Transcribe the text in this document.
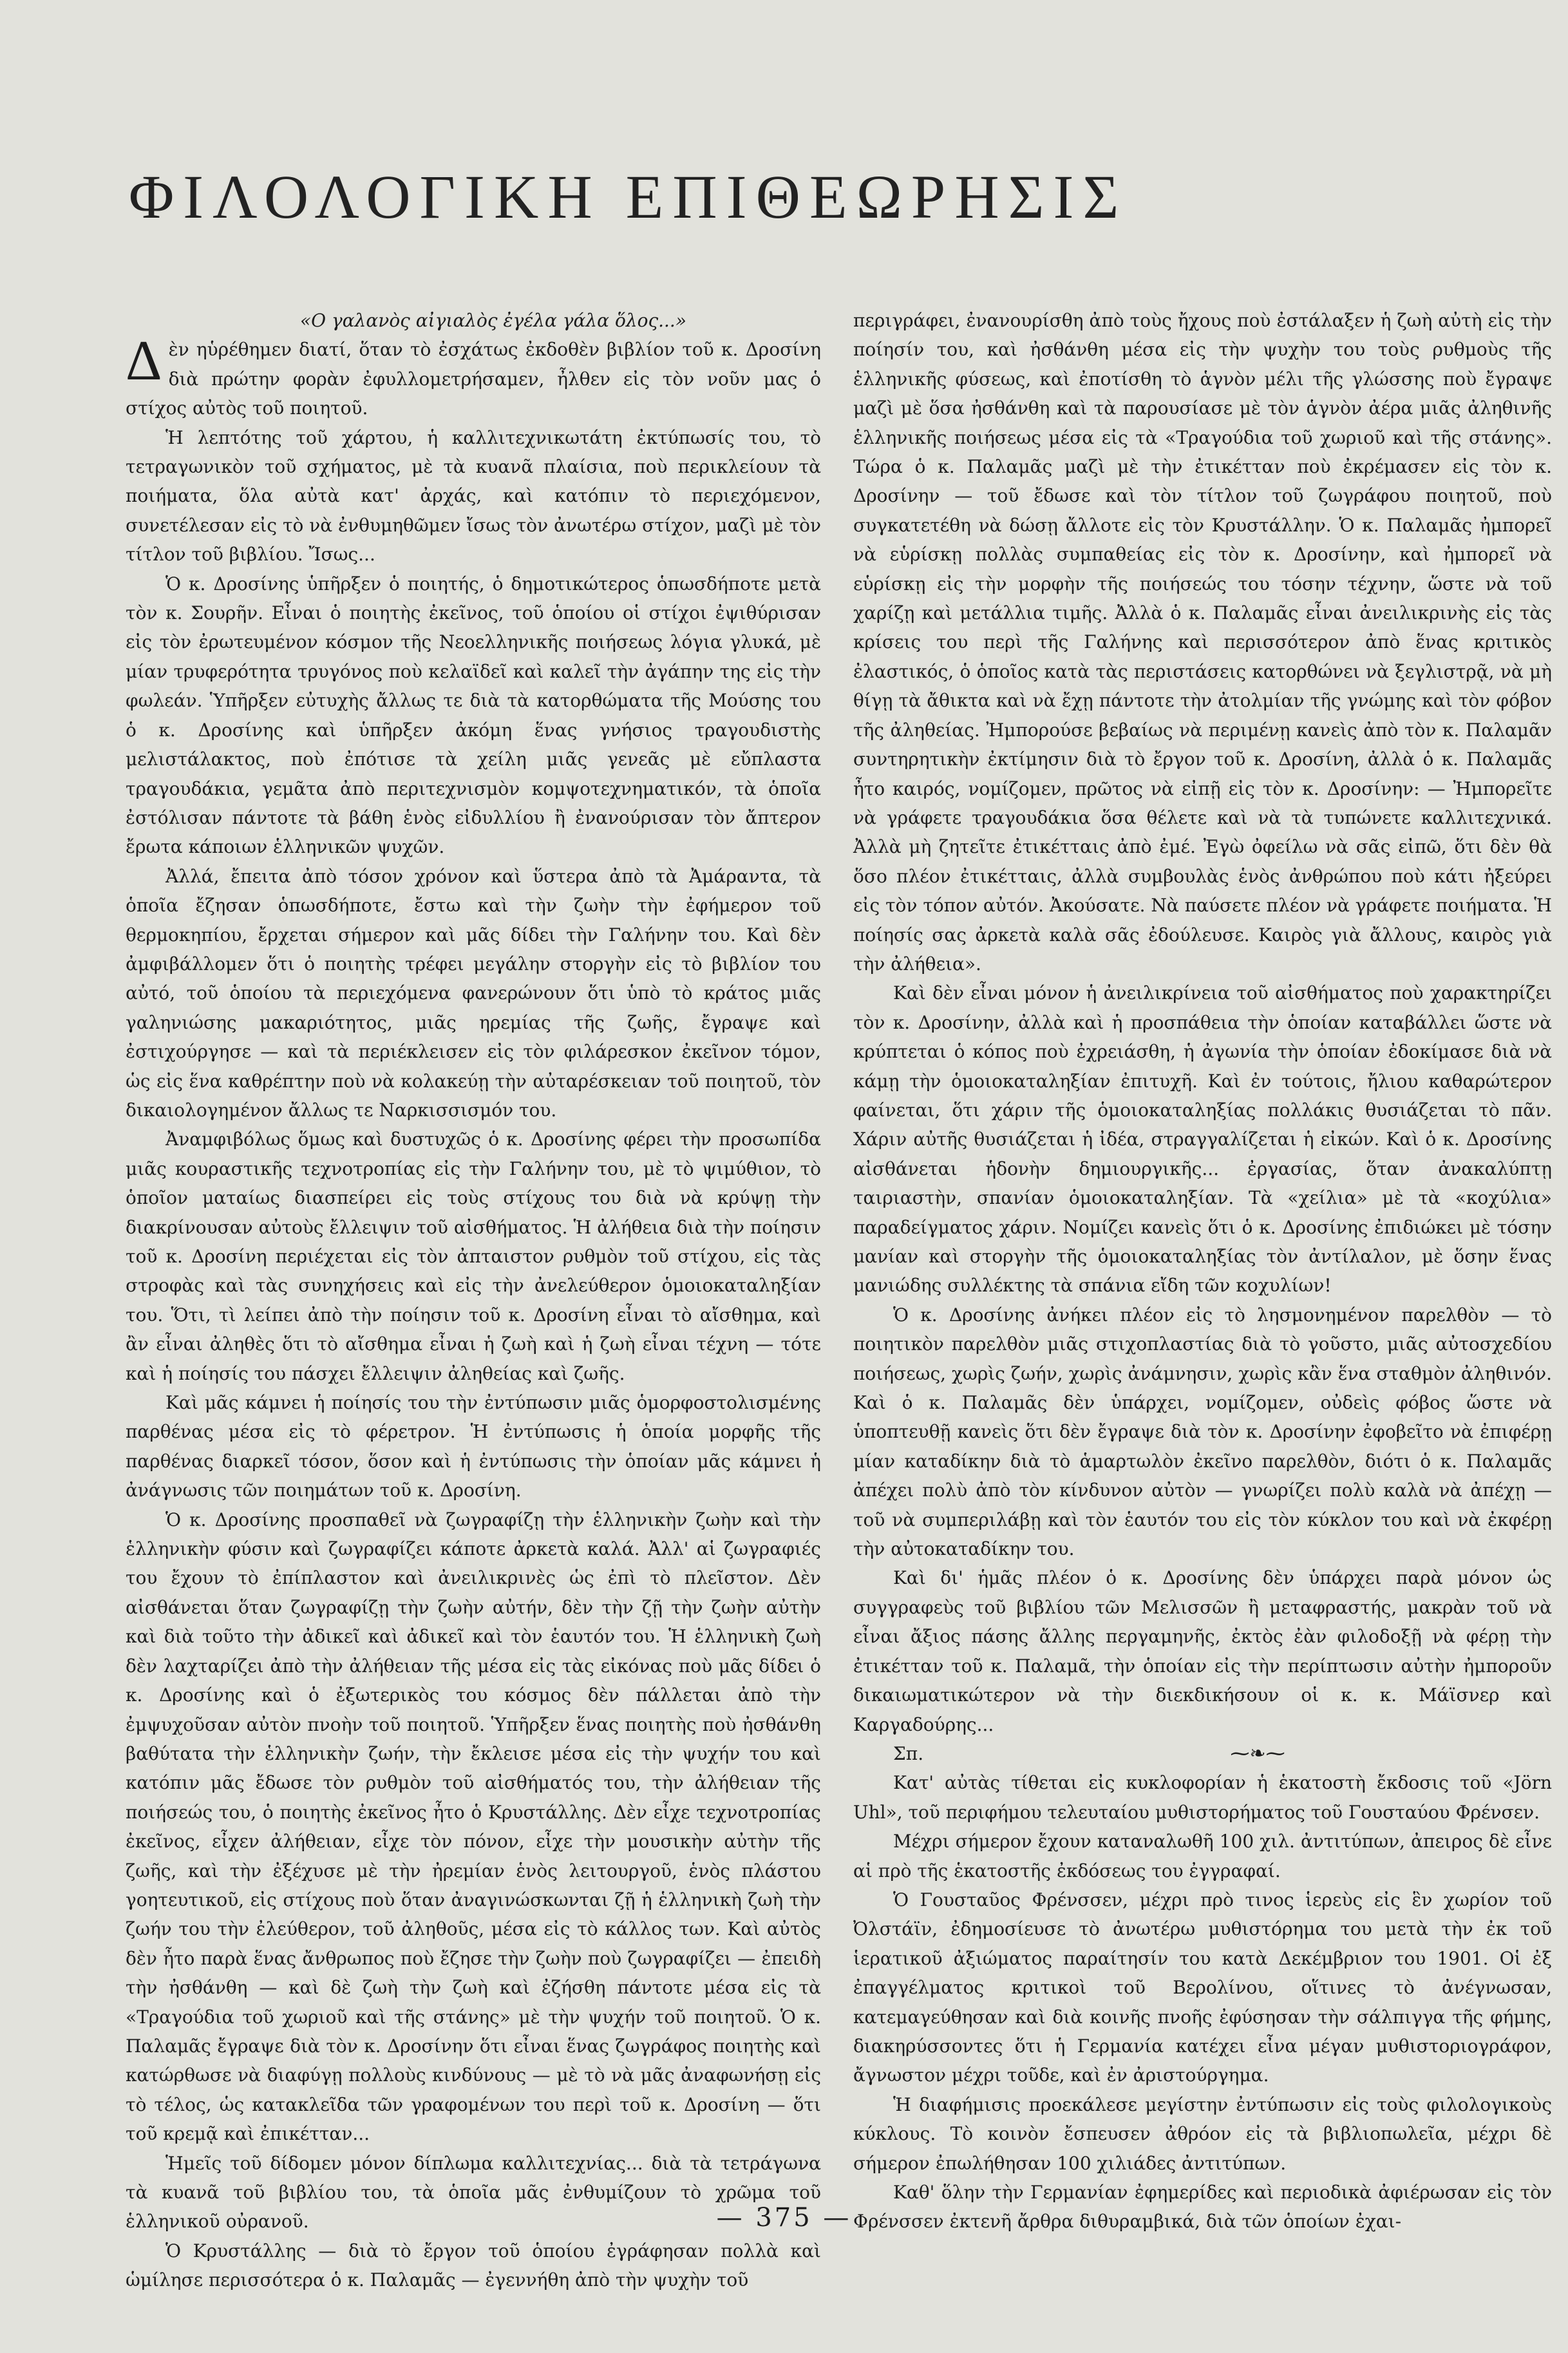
ΦΙΛΟΛΟΓΙΚΗ ΕΠΙΘΕΩΡΗΣΙΣ

«Ο γαλανὸς αἰγιαλὸς ἐγέλα γάλα ὅλος...»

Δὲν ηὑρέθημεν διατί, ὅταν τὸ ἐσχάτως ἐκδοθὲν βιβλίον τοῦ κ. Δροσίνη διὰ πρώτην φορὰν ἐφυλλομετρήσαμεν, ἦλθεν εἰς τὸν νοῦν μας ὁ στίχος αὐτὸς τοῦ ποιητοῦ.

Ἡ λεπτότης τοῦ χάρτου, ἡ καλλιτεχνικωτάτη ἐκτύπωσίς του, τὸ τετραγωνικὸν τοῦ σχήματος, μὲ τὰ κυανᾶ πλαίσια, ποὺ περικλείουν τὰ ποιήματα, ὅλα αὐτὰ κατ' ἀρχάς, καὶ κατόπιν τὸ περιεχόμενον, συνετέλεσαν εἰς τὸ νὰ ἐνθυμηθῶμεν ἴσως τὸν ἀνωτέρω στίχον, μαζὶ μὲ τὸν τίτλον τοῦ βιβλίου. Ἴσως...

Ὁ κ. Δροσίνης ὑπῆρξεν ὁ ποιητής, ὁ δημοτικώτερος ὁπωσδήποτε μετὰ τὸν κ. Σουρῆν. Εἶναι ὁ ποιητὴς ἐκεῖνος, τοῦ ὁποίου οἱ στίχοι ἐψιθύρισαν εἰς τὸν ἐρωτευμένον κόσμον τῆς Νεοελληνικῆς ποιήσεως λόγια γλυκά, μὲ μίαν τρυφερότητα τρυγόνος ποὺ κελαϊδεῖ καὶ καλεῖ τὴν ἀγάπην της εἰς τὴν φωλεάν. Ὑπῆρξεν εὐτυχὴς ἄλλως τε διὰ τὰ κατορθώματα τῆς Μούσης του ὁ κ. Δροσίνης καὶ ὑπῆρξεν ἀκόμη ἕνας γνήσιος τραγουδιστὴς μελιστάλακτος, ποὺ ἐπότισε τὰ χείλη μιᾶς γενεᾶς μὲ εὔπλαστα τραγουδάκια, γεμᾶτα ἀπὸ περιτεχνισμὸν κομψοτεχνηματικόν, τὰ ὁποῖα ἐστόλισαν πάντοτε τὰ βάθη ἑνὸς εἰδυλλίου ἢ ἐνανούρισαν τὸν ἄπτερον ἔρωτα κάποιων ἑλληνικῶν ψυχῶν.

Ἀλλά, ἔπειτα ἀπὸ τόσον χρόνον καὶ ὕστερα ἀπὸ τὰ Ἀμάραντα, τὰ ὁποῖα ἔζησαν ὁπωσδήποτε, ἔστω καὶ τὴν ζωὴν τὴν ἐφήμερον τοῦ θερμοκηπίου, ἔρχεται σήμερον καὶ μᾶς δίδει τὴν Γαλήνην του. Καὶ δὲν ἀμφιβάλλομεν ὅτι ὁ ποιητὴς τρέφει μεγάλην στοργὴν εἰς τὸ βιβλίον του αὐτό, τοῦ ὁποίου τὰ περιεχόμενα φανερώνουν ὅτι ὑπὸ τὸ κράτος μιᾶς γαληνιώσης μακαριότητος, μιᾶς ηρεμίας τῆς ζωῆς, ἔγραψε καὶ ἐστιχούργησε — καὶ τὰ περιέκλεισεν εἰς τὸν φιλάρεσκον ἐκεῖνον τόμον, ὡς εἰς ἕνα καθρέπτην ποὺ νὰ κολακεύῃ τὴν αὐταρέσκειαν τοῦ ποιητοῦ, τὸν δικαιολογημένον ἄλλως τε Ναρκισσισμόν του.

Ἀναμφιβόλως ὅμως καὶ δυστυχῶς ὁ κ. Δροσίνης φέρει τὴν προσωπίδα μιᾶς κουραστικῆς τεχνοτροπίας εἰς τὴν Γαλήνην του, μὲ τὸ ψιμύθιον, τὸ ὁποῖον ματαίως διασπείρει εἰς τοὺς στίχους του διὰ νὰ κρύψῃ τὴν διακρίνουσαν αὐτοὺς ἔλλειψιν τοῦ αἰσθήματος. Ἡ ἀλήθεια διὰ τὴν ποίησιν τοῦ κ. Δροσίνη περιέχεται εἰς τὸν ἀπταιστον ρυθμὸν τοῦ στίχου, εἰς τὰς στροφὰς καὶ τὰς συνηχήσεις καὶ εἰς τὴν ἀνελεύθερον ὁμοιοκαταληξίαν του. Ὅτι, τὶ λείπει ἀπὸ τὴν ποίησιν τοῦ κ. Δροσίνη εἶναι τὸ αἴσθημα, καὶ ἂν εἶναι ἀληθὲς ὅτι τὸ αἴσθημα εἶναι ἡ ζωὴ καὶ ἡ ζωὴ εἶναι τέχνη — τότε καὶ ἡ ποίησίς του πάσχει ἔλλειψιν ἀληθείας καὶ ζωῆς.

Καὶ μᾶς κάμνει ἡ ποίησίς του τὴν ἐντύπωσιν μιᾶς ὁμορφοστολισμένης παρθένας μέσα εἰς τὸ φέρετρον. Ἡ ἐντύπωσις ἡ ὁποία μορφῆς τῆς παρθένας διαρκεῖ τόσον, ὅσον καὶ ἡ ἐντύπωσις τὴν ὁποίαν μᾶς κάμνει ἡ ἀνάγνωσις τῶν ποιημάτων τοῦ κ. Δροσίνη.

Ὁ κ. Δροσίνης προσπαθεῖ νὰ ζωγραφίζῃ τὴν ἑλληνικὴν ζωὴν καὶ τὴν ἑλληνικὴν φύσιν καὶ ζωγραφίζει κάποτε ἀρκετὰ καλά. Ἀλλ' αἱ ζωγραφιές του ἔχουν τὸ ἐπίπλαστον καὶ ἀνειλικρινὲς ὡς ἐπὶ τὸ πλεῖστον. Δὲν αἰσθάνεται ὅταν ζωγραφίζῃ τὴν ζωὴν αὐτήν, δὲν τὴν ζῇ τὴν ζωὴν αὐτὴν καὶ διὰ τοῦτο τὴν ἀδικεῖ καὶ ἀδικεῖ καὶ τὸν ἑαυτόν του. Ἡ ἑλληνικὴ ζωὴ δὲν λαχταρίζει ἀπὸ τὴν ἀλήθειαν τῆς μέσα εἰς τὰς εἰκόνας ποὺ μᾶς δίδει ὁ κ. Δροσίνης καὶ ὁ ἐξωτερικὸς του κόσμος δὲν πάλλεται ἀπὸ τὴν ἐμψυχοῦσαν αὐτὸν πνοὴν τοῦ ποιητοῦ. Ὑπῆρξεν ἕνας ποιητὴς ποὺ ἠσθάνθη βαθύτατα τὴν ἑλληνικὴν ζωήν, τὴν ἔκλεισε μέσα εἰς τὴν ψυχήν του καὶ κατόπιν μᾶς ἔδωσε τὸν ρυθμὸν τοῦ αἰσθήματός του, τὴν ἀλήθειαν τῆς ποιήσεώς του, ὁ ποιητὴς ἐκεῖνος ἦτο ὁ Κρυστάλλης. Δὲν εἶχε τεχνοτροπίας ἐκεῖνος, εἶχεν ἀλήθειαν, εἶχε τὸν πόνον, εἶχε τὴν μουσικὴν αὐτὴν τῆς ζωῆς, καὶ τὴν ἐξέχυσε μὲ τὴν ἠρεμίαν ἑνὸς λειτουργοῦ, ἑνὸς πλάστου γοητευτικοῦ, εἰς στίχους ποὺ ὅταν ἀναγινώσκωνται ζῇ ἡ ἑλληνικὴ ζωὴ τὴν ζωήν του τὴν ἐλεύθερον, τοῦ ἀληθοῦς, μέσα εἰς τὸ κάλλος των. Καὶ αὐτὸς δὲν ἦτο παρὰ ἕνας ἄνθρωπος ποὺ ἔζησε τὴν ζωὴν ποὺ ζωγραφίζει — ἐπειδὴ τὴν ἠσθάνθη — καὶ δὲ ζωὴ τὴν ζωὴ καὶ ἐζήσθη πάντοτε μέσα εἰς τὰ «Τραγούδια τοῦ χωριοῦ καὶ τῆς στάνης» μὲ τὴν ψυχήν τοῦ ποιητοῦ. Ὁ κ. Παλαμᾶς ἔγραψε διὰ τὸν κ. Δροσίνην ὅτι εἶναι ἕνας ζωγράφος ποιητὴς καὶ κατώρθωσε νὰ διαφύγῃ πολλοὺς κινδύνους — μὲ τὸ νὰ μᾶς ἀναφωνήσῃ εἰς τὸ τέλος, ὡς κατακλεῖδα τῶν γραφομένων του περὶ τοῦ κ. Δροσίνη — ὅτι τοῦ κρεμᾷ καὶ ἐπικέτταν...

Ἡμεῖς τοῦ δίδομεν μόνον δίπλωμα καλλιτεχνίας... διὰ τὰ τετράγωνα τὰ κυανᾶ τοῦ βιβλίου του, τὰ ὁποῖα μᾶς ἐνθυμίζουν τὸ χρῶμα τοῦ ἑλληνικοῦ οὐρανοῦ.

Ὁ Κρυστάλλης — διὰ τὸ ἔργον τοῦ ὁποίου ἐγράφησαν πολλὰ καὶ ὡμίλησε περισσότερα ὁ κ. Παλαμᾶς — ἐγεννήθη ἀπὸ τὴν ψυχὴν τοῦ

περιγράφει, ἐνανουρίσθη ἀπὸ τοὺς ἤχους ποὺ ἐστάλαξεν ἡ ζωὴ αὐτὴ εἰς τὴν ποίησίν του, καὶ ἠσθάνθη μέσα εἰς τὴν ψυχὴν του τοὺς ρυθμοὺς τῆς ἑλληνικῆς φύσεως, καὶ ἐποτίσθη τὸ ἁγνὸν μέλι τῆς γλώσσης ποὺ ἔγραψε μαζὶ μὲ ὅσα ἠσθάνθη καὶ τὰ παρουσίασε μὲ τὸν ἁγνὸν ἀέρα μιᾶς ἀληθινῆς ἑλληνικῆς ποιήσεως μέσα εἰς τὰ «Τραγούδια τοῦ χωριοῦ καὶ τῆς στάνης». Τώρα ὁ κ. Παλαμᾶς μαζὶ μὲ τὴν ἐτικέτταν ποὺ ἐκρέμασεν εἰς τὸν κ. Δροσίνην — τοῦ ἔδωσε καὶ τὸν τίτλον τοῦ ζωγράφου ποιητοῦ, ποὺ συγκατετέθη νὰ δώσῃ ἄλλοτε εἰς τὸν Κρυστάλλην. Ὁ κ. Παλαμᾶς ἠμπορεῖ νὰ εὑρίσκῃ πολλὰς συμπαθείας εἰς τὸν κ. Δροσίνην, καὶ ἠμπορεῖ νὰ εὑρίσκῃ εἰς τὴν μορφὴν τῆς ποιήσεώς του τόσην τέχνην, ὥστε νὰ τοῦ χαρίζῃ καὶ μετάλλια τιμῆς. Ἀλλὰ ὁ κ. Παλαμᾶς εἶναι ἀνειλικρινὴς εἰς τὰς κρίσεις του περὶ τῆς Γαλήνης καὶ περισσότερον ἀπὸ ἕνας κριτικὸς ἐλαστικός, ὁ ὁποῖος κατὰ τὰς περιστάσεις κατορθώνει νὰ ξεγλιστρᾷ, νὰ μὴ θίγῃ τὰ ἄθικτα καὶ νὰ ἔχῃ πάντοτε τὴν ἀτολμίαν τῆς γνώμης καὶ τὸν φόβον τῆς ἀληθείας. Ἠμπορούσε βεβαίως νὰ περιμένῃ κανεὶς ἀπὸ τὸν κ. Παλαμᾶν συντηρητικὴν ἐκτίμησιν διὰ τὸ ἔργον τοῦ κ. Δροσίνη, ἀλλὰ ὁ κ. Παλαμᾶς ἦτο καιρός, νομίζομεν, πρῶτος νὰ εἰπῇ εἰς τὸν κ. Δροσίνην: — Ἠμπορεῖτε νὰ γράφετε τραγουδάκια ὅσα θέλετε καὶ νὰ τὰ τυπώνετε καλλιτεχνικά. Ἀλλὰ μὴ ζητεῖτε ἐτικέτταις ἀπὸ ἐμέ. Ἐγὼ ὀφείλω νὰ σᾶς εἰπῶ, ὅτι δὲν θὰ ὅσο πλέον ἐτικέτταις, ἀλλὰ συμβουλὰς ἑνὸς ἀνθρώπου ποὺ κάτι ἠξεύρει εἰς τὸν τόπον αὐτόν. Ἀκούσατε. Νὰ παύσετε πλέον νὰ γράφετε ποιήματα. Ἡ ποίησίς σας ἀρκετὰ καλὰ σᾶς ἐδούλευσε. Καιρὸς γιὰ ἄλλους, καιρὸς γιὰ τὴν ἀλήθεια».

Καὶ δὲν εἶναι μόνον ἡ ἀνειλικρίνεια τοῦ αἰσθήματος ποὺ χαρακτηρίζει τὸν κ. Δροσίνην, ἀλλὰ καὶ ἡ προσπάθεια τὴν ὁποίαν καταβάλλει ὥστε νὰ κρύπτεται ὁ κόπος ποὺ ἐχρειάσθη, ἡ ἀγωνία τὴν ὁποίαν ἐδοκίμασε διὰ νὰ κάμῃ τὴν ὁμοιοκαταληξίαν ἐπιτυχῆ. Καὶ ἐν τούτοις, ἤλιου καθαρώτερον φαίνεται, ὅτι χάριν τῆς ὁμοιοκαταληξίας πολλάκις θυσιάζεται τὸ πᾶν. Χάριν αὐτῆς θυσιάζεται ἡ ἰδέα, στραγγαλίζεται ἡ εἰκών. Καὶ ὁ κ. Δροσίνης αἰσθάνεται ἡδονὴν δημιουργικῆς... ἐργασίας, ὅταν ἀνακαλύπτῃ ταιριαστὴν, σπανίαν ὁμοιοκαταληξίαν. Τὰ «χείλια» μὲ τὰ «κοχύλια» παραδείγματος χάριν. Νομίζει κανεὶς ὅτι ὁ κ. Δροσίνης ἐπιδιώκει μὲ τόσην μανίαν καὶ στοργὴν τῆς ὁμοιοκαταληξίας τὸν ἀντίλαλον, μὲ ὅσην ἕνας μανιώδης συλλέκτης τὰ σπάνια εἴδη τῶν κοχυλίων!

Ὁ κ. Δροσίνης ἀνήκει πλέον εἰς τὸ λησμονημένον παρελθὸν — τὸ ποιητικὸν παρελθὸν μιᾶς στιχοπλαστίας διὰ τὸ γοῦστο, μιᾶς αὐτοσχεδίου ποιήσεως, χωρὶς ζωήν, χωρὶς ἀνάμνησιν, χωρὶς κἂν ἕνα σταθμὸν ἀληθινόν. Καὶ ὁ κ. Παλαμᾶς δὲν ὑπάρχει, νομίζομεν, οὐδεὶς φόβος ὥστε νὰ ὑποπτευθῇ κανεὶς ὅτι δὲν ἔγραψε διὰ τὸν κ. Δροσίνην ἐφοβεῖτο νὰ ἐπιφέρῃ μίαν καταδίκην διὰ τὸ ἁμαρτωλὸν ἐκεῖνο παρελθὸν, διότι ὁ κ. Παλαμᾶς ἀπέχει πολὺ ἀπὸ τὸν κίνδυνον αὐτὸν — γνωρίζει πολὺ καλὰ νὰ ἀπέχῃ — τοῦ νὰ συμπεριλάβῃ καὶ τὸν ἑαυτόν του εἰς τὸν κύκλον του καὶ νὰ ἐκφέρῃ τὴν αὐτοκαταδίκην του.

Καὶ δι' ἡμᾶς πλέον ὁ κ. Δροσίνης δὲν ὑπάρχει παρὰ μόνον ὡς συγγραφεὺς τοῦ βιβλίου τῶν Μελισσῶν ἢ μεταφραστής, μακρὰν τοῦ νὰ εἶναι ἄξιος πάσης ἄλλης περγαμηνῆς, ἐκτὸς ἐὰν φιλοδοξῇ νὰ φέρῃ τὴν ἐτικέτταν τοῦ κ. Παλαμᾶ, τὴν ὁποίαν εἰς τὴν περίπτωσιν αὐτὴν ἠμποροῦν δικαιωματικώτερον νὰ τὴν διεκδικήσουν οἱ κ. κ. Μάϊσνερ καὶ Καργαδούρης...

Σπ.	⁓❧⁓

Κατ' αὐτὰς τίθεται εἰς κυκλοφορίαν ἡ ἑκατοστὴ ἔκδοσις τοῦ «Jörn Uhl», τοῦ περιφήμου τελευταίου μυθιστορήματος τοῦ Γουσταύου Φρένσεν.

Μέχρι σήμερον ἔχουν καταναλωθῆ 100 χιλ. ἀντιτύπων, ἀπειρος δὲ εἶνε αἱ πρὸ τῆς ἑκατοστῆς ἐκδόσεως του ἐγγραφαί.

Ὁ Γουσταῦος Φρένσσεν, μέχρι πρὸ τινος ἱερεὺς εἰς ἓν χωρίον τοῦ Ὀλστάϊν, ἐδημοσίευσε τὸ ἀνωτέρω μυθιστόρημα του μετὰ τὴν ἐκ τοῦ ἱερατικοῦ ἀξιώματος παραίτησίν του κατὰ Δεκέμβριον του 1901. Οἱ ἐξ ἐπαγγέλματος κριτικοὶ τοῦ Βερολίνου, οἵτινες τὸ ἀνέγνωσαν, κατεμαγεύθησαν καὶ διὰ κοινῆς πνοῆς ἐφύσησαν τὴν σάλπιγγα τῆς φήμης, διακηρύσσοντες ὅτι ἡ Γερμανία κατέχει εἶνα μέγαν μυθιστοριογράφον, ἄγνωστον μέχρι τοῦδε, καὶ ἐν ἀριστούργημα.

Ἡ διαφήμισις προεκάλεσε μεγίστην ἐντύπωσιν εἰς τοὺς φιλολογικοὺς κύκλους. Τὸ κοινὸν ἔσπευσεν ἀθρόον εἰς τὰ βιβλιοπωλεῖα, μέχρι δὲ σήμερον ἐπωλήθησαν 100 χιλιάδες ἀντιτύπων.

Καθ' ὅλην τὴν Γερμανίαν ἐφημερίδες καὶ περιοδικὰ ἀφιέρωσαν εἰς τὸν Φρένσσεν ἐκτενῆ ἄρθρα διθυραμβικά, διὰ τῶν ὁποίων ἐχαι-

— 375 —
